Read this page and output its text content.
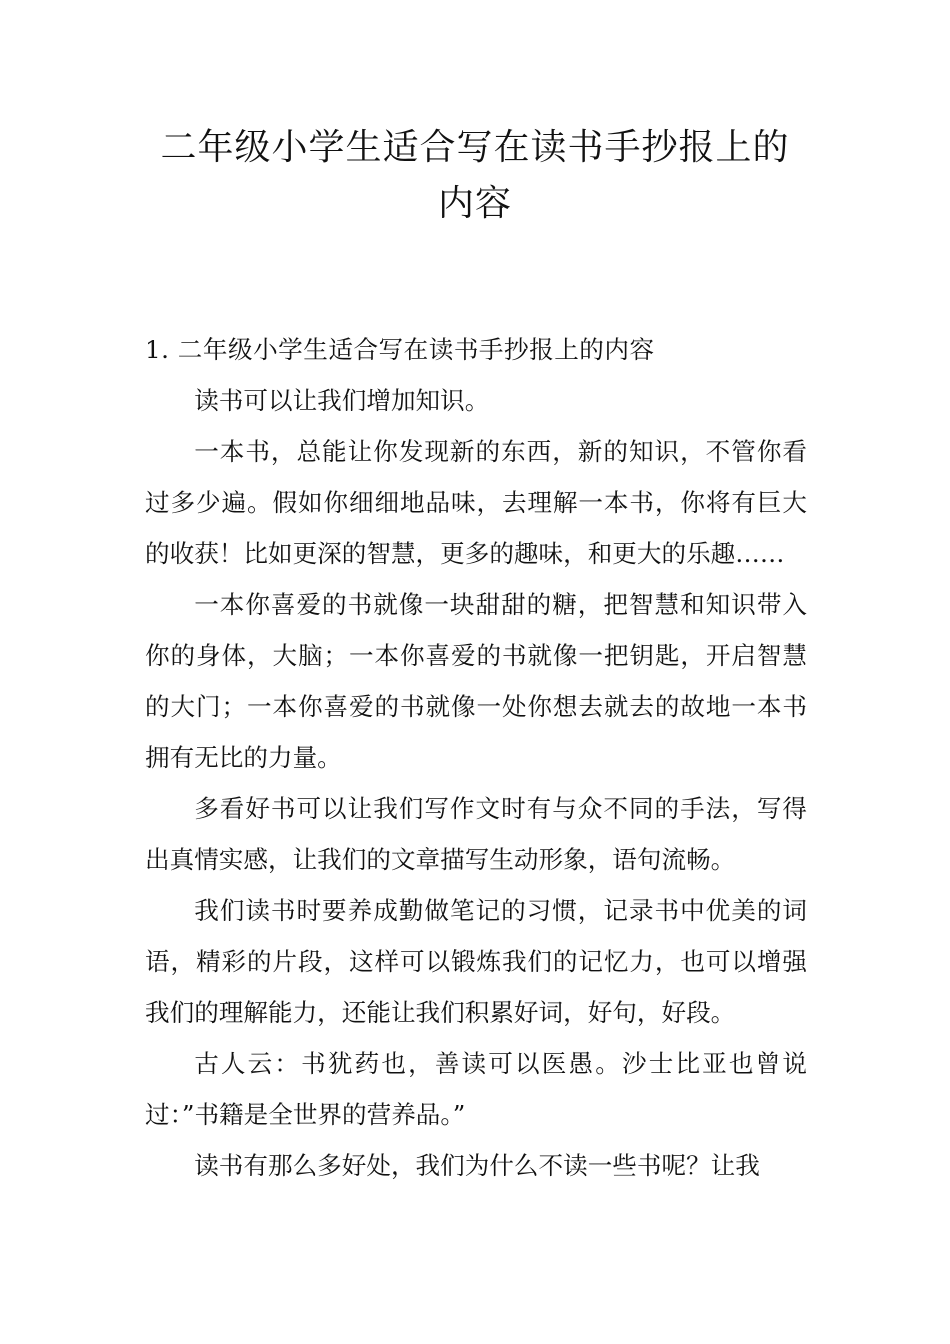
二年级小学生适合写在读书手抄报上的内容

1. 二年级小学生适合写在读书手抄报上的内容

读书可以让我们增加知识。

一本书，总能让你发现新的东西，新的知识，不管你看过多少遍。假如你细细地品味，去理解一本书，你将有巨大的收获！比如更深的智慧，更多的趣味，和更大的乐趣……

一本你喜爱的书就像一块甜甜的糖，把智慧和知识带入你的身体，大脑；一本你喜爱的书就像一把钥匙，开启智慧的大门；一本你喜爱的书就像一处你想去就去的故地一本书拥有无比的力量。

多看好书可以让我们写作文时有与众不同的手法，写得出真情实感，让我们的文章描写生动形象，语句流畅。

我们读书时要养成勤做笔记的习惯，记录书中优美的词语，精彩的片段，这样可以锻炼我们的记忆力，也可以增强我们的理解能力，还能让我们积累好词，好句，好段。

古人云：书犹药也，善读可以医愚。沙士比亚也曾说过：”书籍是全世界的营养品。”

读书有那么多好处，我们为什么不读一些书呢？让我
